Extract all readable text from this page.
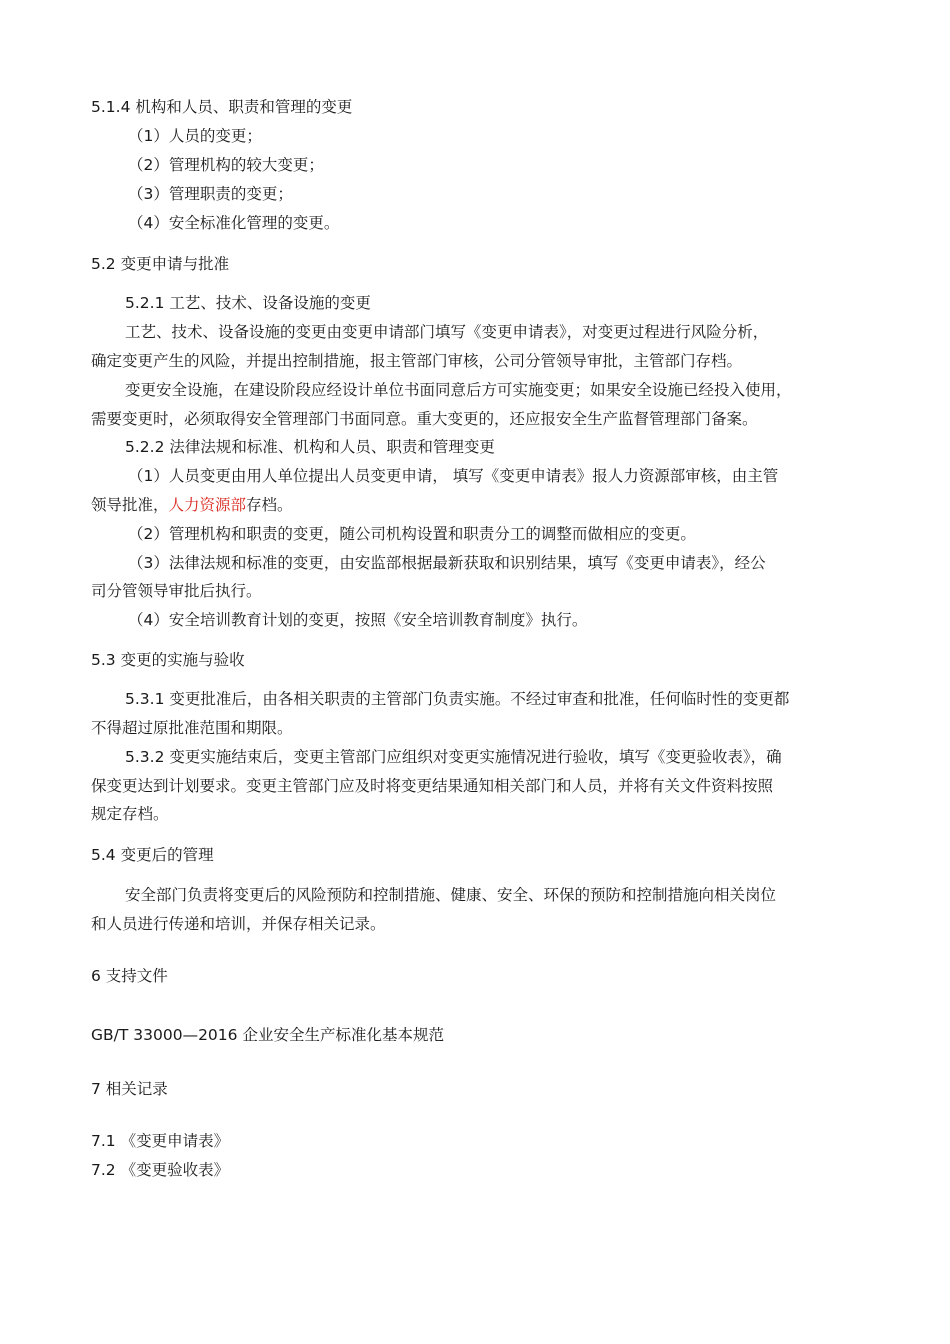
5.1.4 机构和人员、职责和管理的变更
（1）人员的变更；
（2）管理机构的较大变更；
（3）管理职责的变更；
（4）安全标准化管理的变更。
5.2 变更申请与批准
5.2.1 工艺、技术、设备设施的变更
工艺、技术、设备设施的变更由变更申请部门填写《变更申请表》，对变更过程进行风险分析，
确定变更产生的风险，并提出控制措施，报主管部门审核，公司分管领导审批，主管部门存档。
变更安全设施，在建设阶段应经设计单位书面同意后方可实施变更；如果安全设施已经投入使用，
需要变更时，必须取得安全管理部门书面同意。重大变更的，还应报安全生产监督管理部门备案。
5.2.2 法律法规和标准、机构和人员、职责和管理变更
（1）人员变更由用人单位提出人员变更申请， 填写《变更申请表》报人力资源部审核，由主管
领导批准，人力资源部存档。
（2）管理机构和职责的变更，随公司机构设置和职责分工的调整而做相应的变更。
（3）法律法规和标准的变更，由安监部根据最新获取和识别结果，填写《变更申请表》，经公
司分管领导审批后执行。
（4）安全培训教育计划的变更，按照《安全培训教育制度》执行。
5.3 变更的实施与验收
5.3.1 变更批准后，由各相关职责的主管部门负责实施。不经过审查和批准，任何临时性的变更都
不得超过原批准范围和期限。
5.3.2 变更实施结束后，变更主管部门应组织对变更实施情况进行验收，填写《变更验收表》，确
保变更达到计划要求。变更主管部门应及时将变更结果通知相关部门和人员，并将有关文件资料按照
规定存档。
5.4 变更后的管理
安全部门负责将变更后的风险预防和控制措施、健康、安全、环保的预防和控制措施向相关岗位
和人员进行传递和培训，并保存相关记录。
6 支持文件
GB/T 33000—2016 企业安全生产标准化基本规范
7 相关记录
7.1 《变更申请表》
7.2 《变更验收表》
